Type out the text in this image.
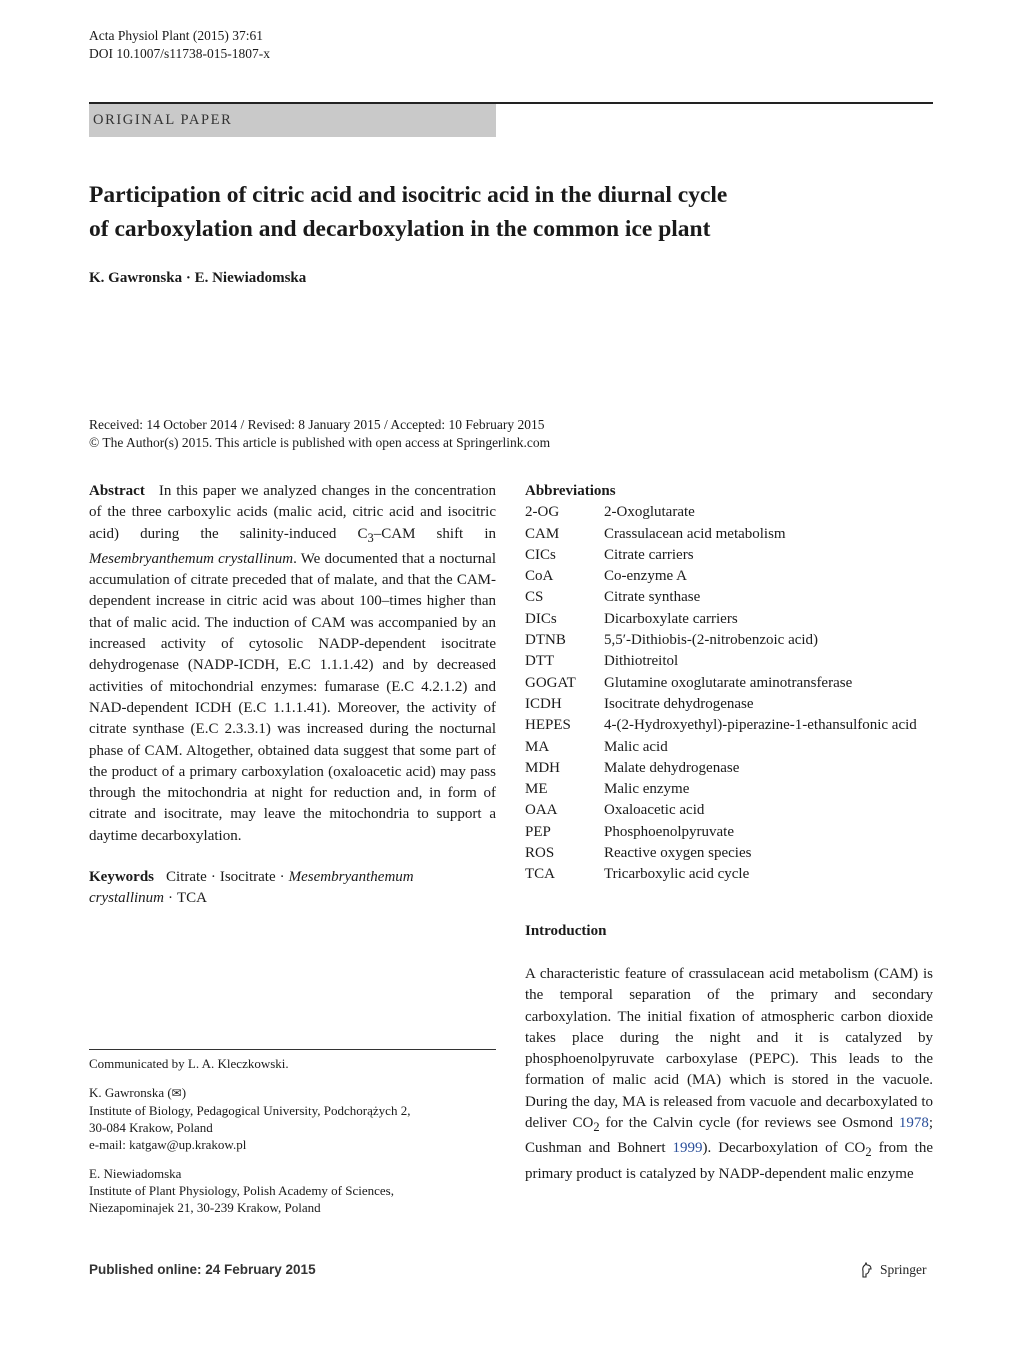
Acta Physiol Plant (2015) 37:61
DOI 10.1007/s11738-015-1807-x
ORIGINAL PAPER
Participation of citric acid and isocitric acid in the diurnal cycle
of carboxylation and decarboxylation in the common ice plant
K. Gawronska · E. Niewiadomska
Received: 14 October 2014 / Revised: 8 January 2015 / Accepted: 10 February 2015
© The Author(s) 2015. This article is published with open access at Springerlink.com

Abstract In this paper we analyzed changes in the concentration of the three carboxylic acids (malic acid, citric acid and isocitric acid) during the salinity-induced $C_3$–CAM shift in Mesembryanthemum crystallinum. We documented that a nocturnal accumulation of citrate preceded that of malate, and that the CAM-dependent increase in citric acid was about 100–times higher than that of malic acid. The induction of CAM was accompanied by an increased activity of cytosolic NADP-dependent isocitrate dehydrogenase (NADP-ICDH, E.C 1.1.1.42) and by decreased activities of mitochondrial enzymes: fumarase (E.C 4.2.1.2) and NAD-dependent ICDH (E.C 1.1.1.41). Moreover, the activity of citrate synthase (E.C 2.3.3.1) was increased during the nocturnal phase of CAM. Altogether, obtained data suggest that some part of the product of a primary carboxylation (oxaloacetic acid) may pass through the mitochondria at night for reduction and, in form of citrate and isocitrate, may leave the mitochondria to support a daytime decarboxylation.

Keywords Citrate · Isocitrate · Mesembryanthemum crystallinum · TCA

Communicated by L. A. Kleczkowski.
K. Gawronska (✉)
Institute of Biology, Pedagogical University, Podchorążych 2,
30-084 Krakow, Poland
e-mail: katgaw@up.krakow.pl
E. Niewiadomska
Institute of Plant Physiology, Polish Academy of Sciences,
Niezapominajek 21, 30-239 Krakow, Poland
Abbreviations
2-OG	2-Oxoglutarate
CAM	Crassulacean acid metabolism
CICs	Citrate carriers
CoA	Co-enzyme A
CS	Citrate synthase
DICs	Dicarboxylate carriers
DTNB	5,5′-Dithiobis-(2-nitrobenzoic acid)
DTT	Dithiotreitol
GOGAT	Glutamine oxoglutarate aminotransferase
ICDH	Isocitrate dehydrogenase
HEPES	4-(2-Hydroxyethyl)-piperazine-1-ethansulfonic acid
MA	Malic acid
MDH	Malate dehydrogenase
ME	Malic enzyme
OAA	Oxaloacetic acid
PEP	Phosphoenolpyruvate
ROS	Reactive oxygen species
TCA	Tricarboxylic acid cycle
Introduction

A characteristic feature of crassulacean acid metabolism (CAM) is the temporal separation of the primary and secondary carboxylation. The initial fixation of atmospheric carbon dioxide takes place during the night and it is catalyzed by phosphoenolpyruvate carboxylase (PEPC). This leads to the formation of malic acid (MA) which is stored in the vacuole. During the day, MA is released from vacuole and decarboxylated to deliver $CO_2$ for the Calvin cycle (for reviews see Osmond 1978; Cushman and Bohnert 1999). Decarboxylation of $CO_2$ from the primary product is catalyzed by NADP-dependent malic enzyme

Published online: 24 February 2015	Springer
